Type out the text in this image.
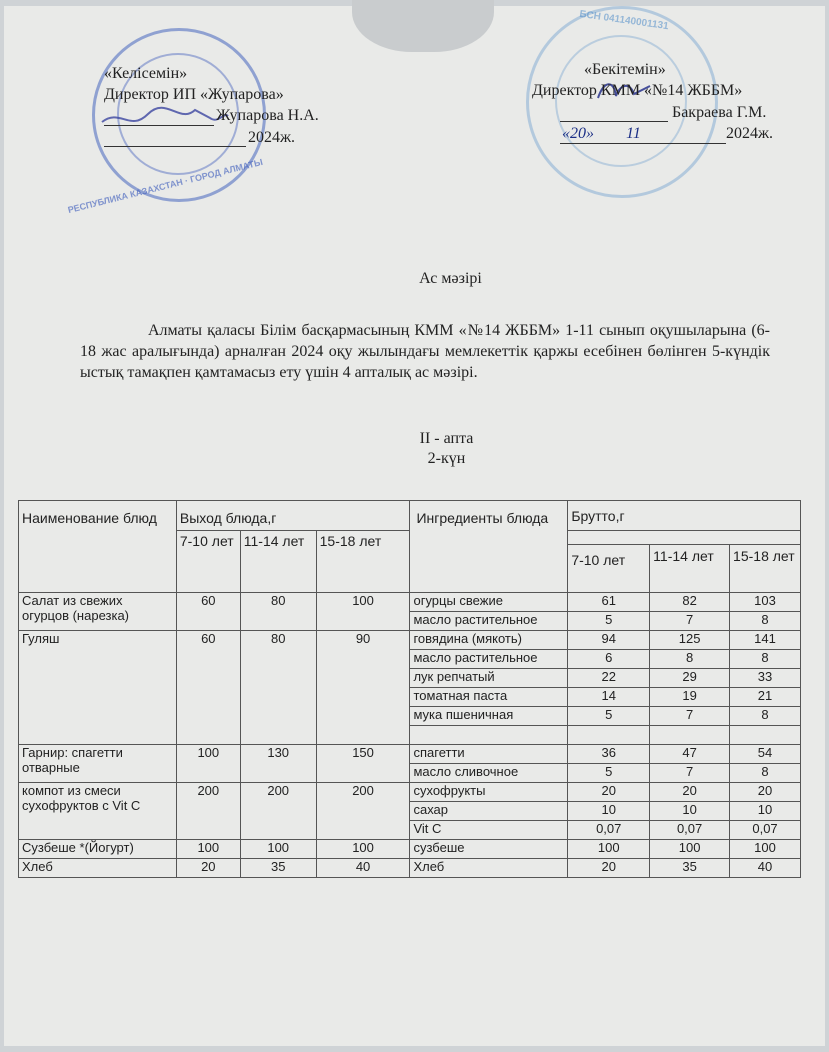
РЕСПУБЛИКА КАЗАХСТАН · ГОРОД АЛМАТЫ
БСН 041140001131
«Келісемін»
Директор ИП «Жупарова»
Жупарова Н.А.
2024ж.
«Бекітемін»
Директор КММ «№14 ЖББМ»
Бакраева Г.М.
«20» 11	2024ж.
Ас мәзірі
Алматы қаласы Білім басқармасының КММ «№14 ЖББМ» 1-11 сынып оқушыларына (6-18 жас аралығында) арналған 2024 оқу жылындағы мемлекеттік қаржы есебінен бөлінген 5-күндік ыстық тамақпен қамтамасыз ету үшін 4 апталық ас мәзірі.
II - апта
2-күн
Наименование блюд	Выход блюда,г			Ингредиенты блюда	Брутто,г		
	7-10 лет	11-14 лет	15-18 лет				
					7-10 лет	11-14 лет	15-18 лет
Салат из свежих огурцов (нарезка)	60	80	100	огурцы свежие	61	82	103
				масло растительное	5	7	8
Гуляш	60	80	90	говядина (мякоть)	94	125	141
				масло растительное	6	8	8
				лук репчатый	22	29	33
				томатная паста	14	19	21
				мука пшеничная	5	7	8

Гарнир: спагетти отварные	100	130	150	спагетти	36	47	54
				масло сливочное	5	7	8
компот из смеси сухофруктов с Vit C	200	200	200	сухофрукты	20	20	20
				сахар	10	10	10
				Vit C	0,07	0,07	0,07
Сузбеше *(Йогурт)	100	100	100	сузбеше	100	100	100
Хлеб	20	35	40	Хлеб	20	35	40
